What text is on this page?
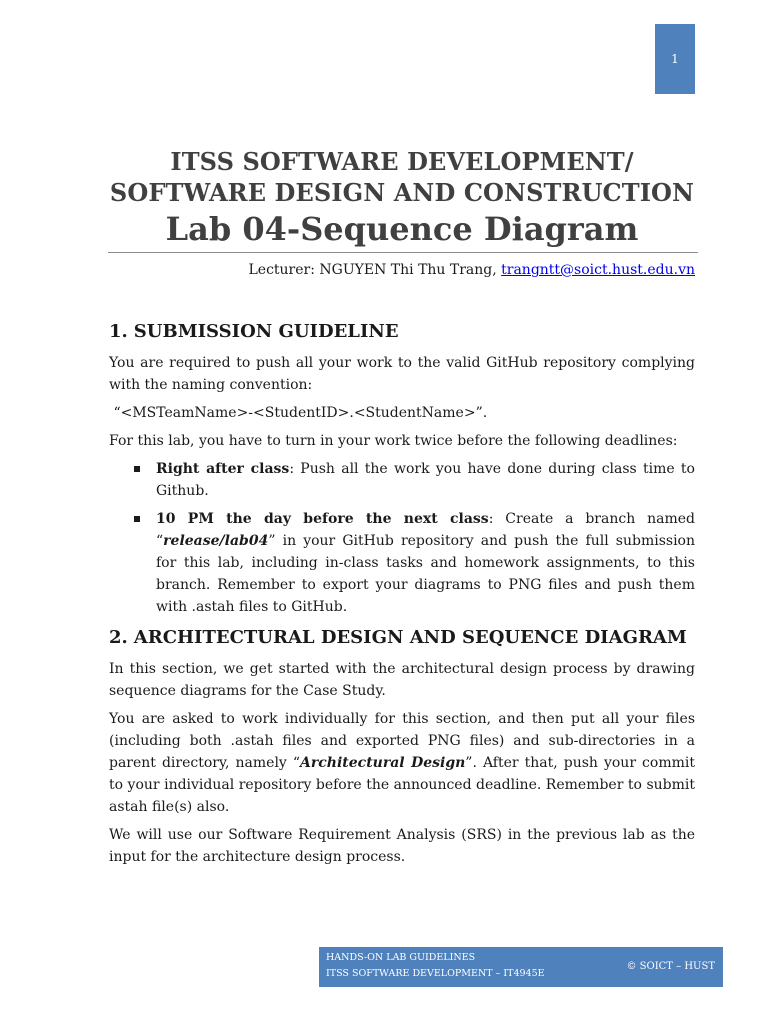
1
ITSS SOFTWARE DEVELOPMENT/
SOFTWARE DESIGN AND CONSTRUCTION
Lab 04-Sequence Diagram
Lecturer: NGUYEN Thi Thu Trang, trangntt@soict.hust.edu.vn
1. SUBMISSION GUIDELINE

You are required to push all your work to the valid GitHub repository complying with the naming convention:

“<MSTeamName>-<StudentID>.<StudentName>”.

For this lab, you have to turn in your work twice before the following deadlines:

Right after class: Push all the work you have done during class time to Github.
10 PM the day before the next class: Create a branch named “release/lab04” in your GitHub repository and push the full submission for this lab, including in-class tasks and homework assignments, to this branch. Remember to export your diagrams to PNG files and push them with .astah files to GitHub.
2. ARCHITECTURAL DESIGN AND SEQUENCE DIAGRAM

In this section, we get started with the architectural design process by drawing sequence diagrams for the Case Study.

You are asked to work individually for this section, and then put all your files (including both .astah files and exported PNG files) and sub-directories in a parent directory, namely “Architectural Design”. After that, push your commit to your individual repository before the announced deadline. Remember to submit astah file(s) also.

We will use our Software Requirement Analysis (SRS) in the previous lab as the input for the architecture design process.

HANDS-ON LAB GUIDELINES
ITSS SOFTWARE DEVELOPMENT – IT4945E
© SOICT – HUST
